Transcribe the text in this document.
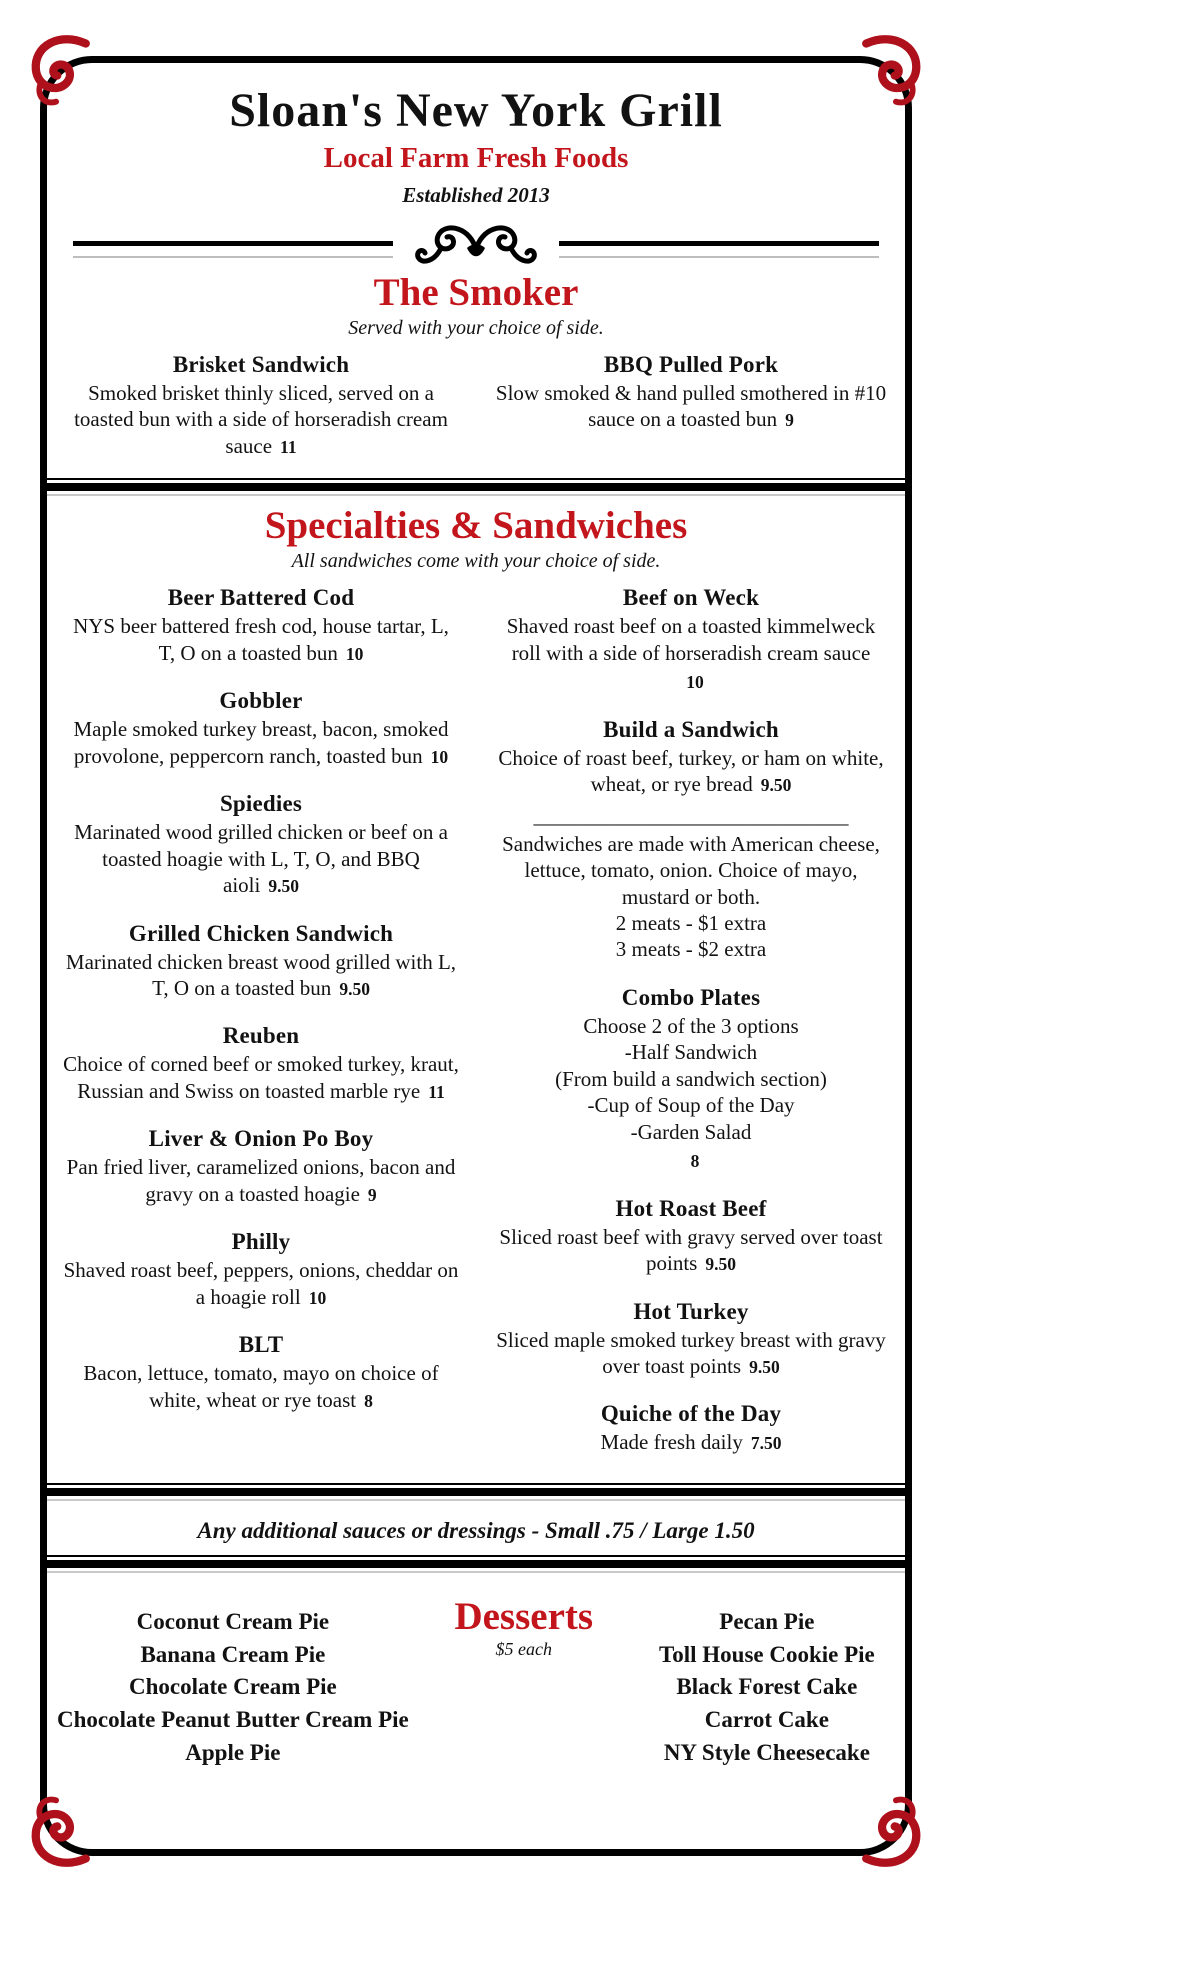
Sloan's New York Grill
Local Farm Fresh Foods
Established 2013
The Smoker
Served with your choice of side.
Brisket Sandwich
Smoked brisket thinly sliced, served on a toasted bun with a side of horseradish cream sauce 11
BBQ Pulled Pork
Slow smoked & hand pulled smothered in #10 sauce on a toasted bun 9
Specialties & Sandwiches
All sandwiches come with your choice of side.
Beer Battered Cod
NYS beer battered fresh cod, house tartar, L, T, O on a toasted bun 10
Gobbler
Maple smoked turkey breast, bacon, smoked provolone, peppercorn ranch, toasted bun 10
Spiedies
Marinated wood grilled chicken or beef on a toasted hoagie with L, T, O, and BBQ aioli 9.50
Grilled Chicken Sandwich
Marinated chicken breast wood grilled with L, T, O on a toasted bun 9.50
Reuben
Choice of corned beef or smoked turkey, kraut, Russian and Swiss on toasted marble rye 11
Liver & Onion Po Boy
Pan fried liver, caramelized onions, bacon and gravy on a toasted hoagie 9
Philly
Shaved roast beef, peppers, onions, cheddar on a hoagie roll 10
BLT
Bacon, lettuce, tomato, mayo on choice of white, wheat or rye toast 8
Beef on Weck
Shaved roast beef on a toasted kimmelweck roll with a side of horseradish cream sauce
10
Build a Sandwich
Choice of roast beef, turkey, or ham on white, wheat, or rye bread 9.50
______________________________
Sandwiches are made with American cheese, lettuce, tomato, onion. Choice of mayo, mustard or both.
2 meats - $1 extra
3 meats - $2 extra
Combo Plates
Choose 2 of the 3 options
-Half Sandwich
(From build a sandwich section)
-Cup of Soup of the Day
-Garden Salad
8
Hot Roast Beef
Sliced roast beef with gravy served over toast points 9.50
Hot Turkey
Sliced maple smoked turkey breast with gravy over toast points 9.50
Quiche of the Day
Made fresh daily 7.50
Any additional sauces or dressings - Small .75 / Large 1.50
Coconut Cream Pie
Banana Cream Pie
Chocolate Cream Pie
Chocolate Peanut Butter Cream Pie
Apple Pie
Desserts
$5 each
Pecan Pie
Toll House Cookie Pie
Black Forest Cake
Carrot Cake
NY Style Cheesecake
